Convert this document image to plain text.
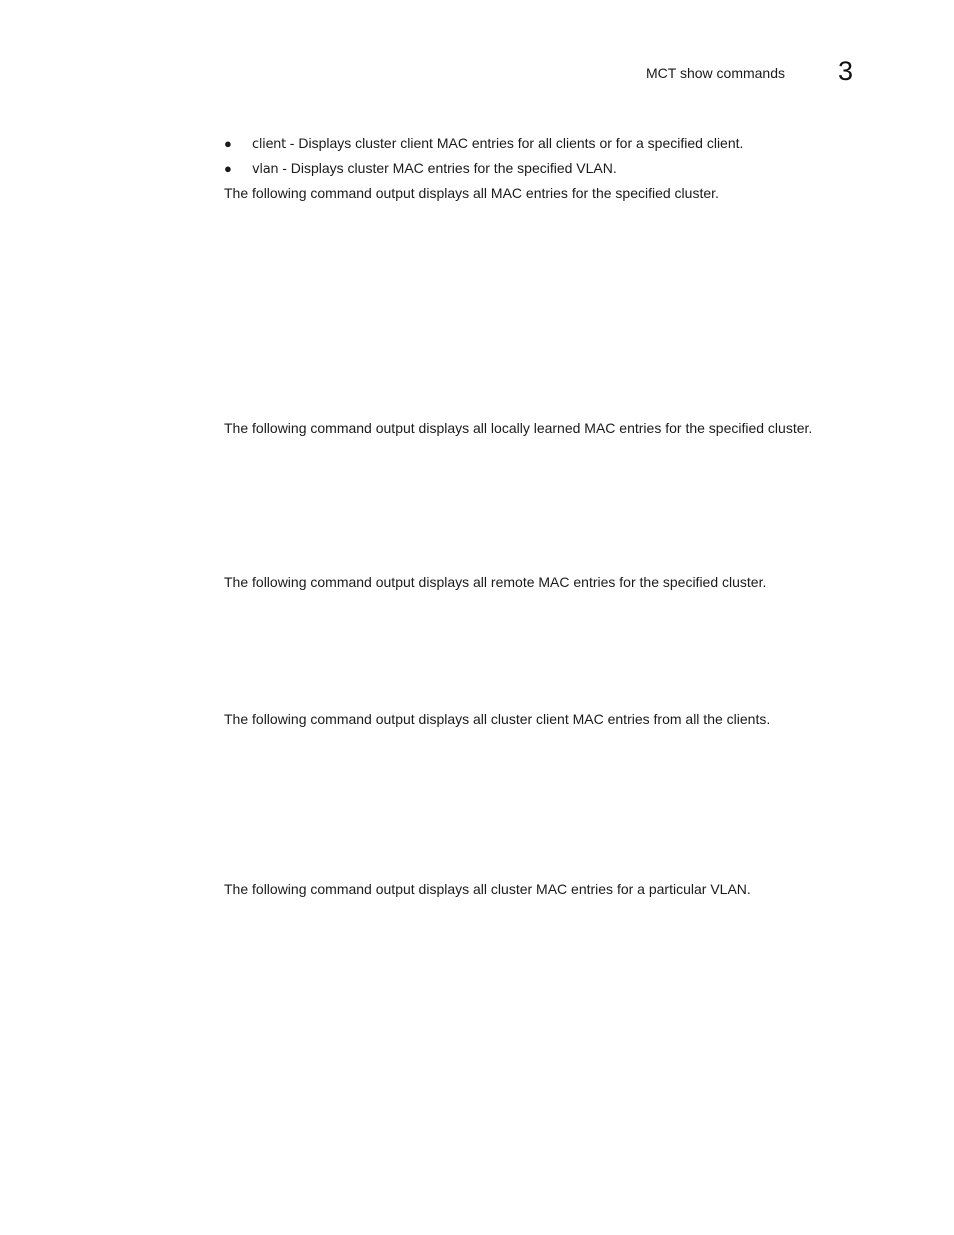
MCT show commands 3
● client - Displays cluster client MAC entries for all clients or for a specified client.
● vlan - Displays cluster MAC entries for the specified VLAN.
The following command output displays all MAC entries for the specified cluster.
The following command output displays all locally learned MAC entries for the specified cluster.
The following command output displays all remote MAC entries for the specified cluster.
The following command output displays all cluster client MAC entries from all the clients.
The following command output displays all cluster MAC entries for a particular VLAN.
